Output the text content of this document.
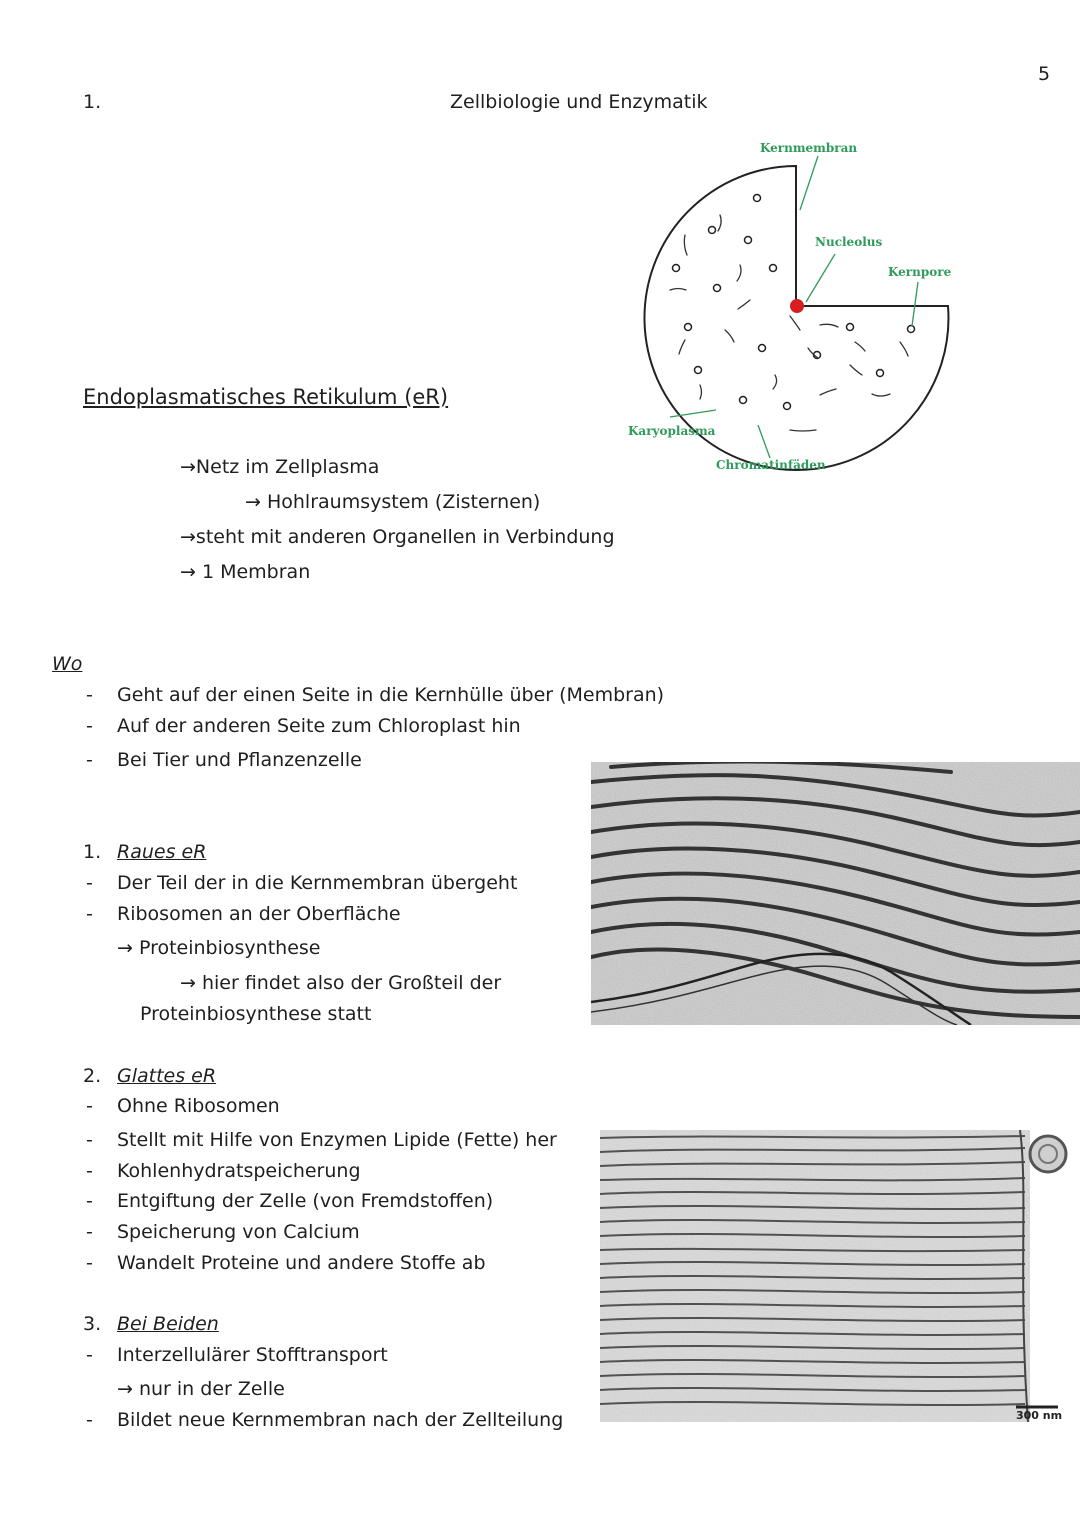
5
1.	Zellbiologie und Enzymatik
Kernmembran
Nucleolus
Kernpore
Karyoplasma
Chromatinfäden
Endoplasmatisches Retikulum (eR)
→Netz im Zellplasma
→ Hohlraumsystem (Zisternen)
→steht mit anderen Organellen in Verbindung
→ 1 Membran
Wo
- Geht auf der einen Seite in die Kernhülle über (Membran)
- Auf der anderen Seite zum Chloroplast hin
- Bei Tier und Pflanzenzelle
1. Raues eR
- Der Teil der in die Kernmembran übergeht
- Ribosomen an der Oberfläche
→ Proteinbiosynthese
→ hier findet also der Großteil der
Proteinbiosynthese statt
2. Glattes eR
- Ohne Ribosomen
- Stellt mit Hilfe von Enzymen Lipide (Fette) her
- Kohlenhydratspeicherung
- Entgiftung der Zelle (von Fremdstoffen)
- Speicherung von Calcium
- Wandelt Proteine und andere Stoffe ab
300 nm
3. Bei Beiden
- Interzellulärer Stofftransport
→ nur in der Zelle
- Bildet neue Kernmembran nach der Zellteilung
